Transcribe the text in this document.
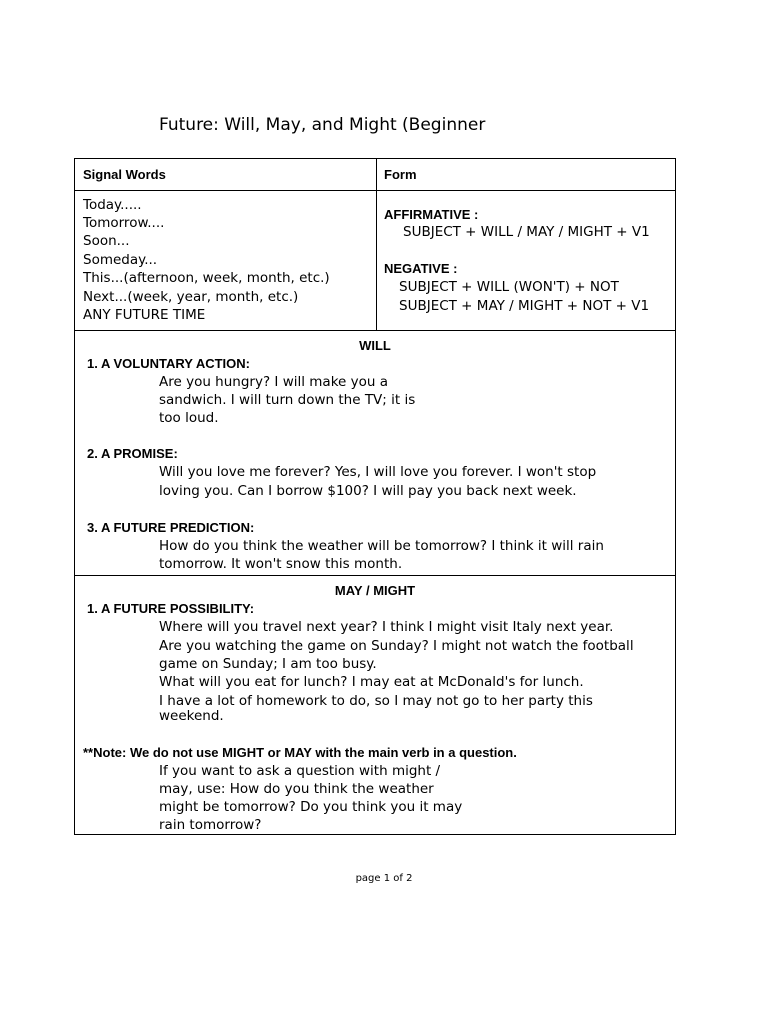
Future: Will, May, and Might (Beginner
Signal Words	Form
Today.....
Tomorrow....
Soon...
Someday...
This...(afternoon, week, month, etc.)
Next...(week, year, month, etc.)
ANY FUTURE TIME
AFFIRMATIVE :
SUBJECT + WILL / MAY / MIGHT + V1
NEGATIVE :
SUBJECT + WILL (WON'T) + NOT
SUBJECT + MAY / MIGHT + NOT + V1
WILL
1. A VOLUNTARY ACTION:
Are you hungry? I will make you a
sandwich. I will turn down the TV; it is
too loud.
2. A PROMISE:
Will you love me forever? Yes, I will love you forever. I won't stop
loving you. Can I borrow $100? I will pay you back next week.
3. A FUTURE PREDICTION:
How do you think the weather will be tomorrow? I think it will rain
tomorrow. It won't snow this month.
MAY / MIGHT
1. A FUTURE POSSIBILITY:
Where will you travel next year? I think I might visit Italy next year.
Are you watching the game on Sunday? I might not watch the football
game on Sunday; I am too busy.
What will you eat for lunch? I may eat at McDonald's for lunch.
I have a lot of homework to do, so I may not go to her party this
weekend.
**Note: We do not use MIGHT or MAY with the main verb in a question.
If you want to ask a question with might /
may, use: How do you think the weather
might be tomorrow? Do you think you it may
rain tomorrow?
page 1 of 2
